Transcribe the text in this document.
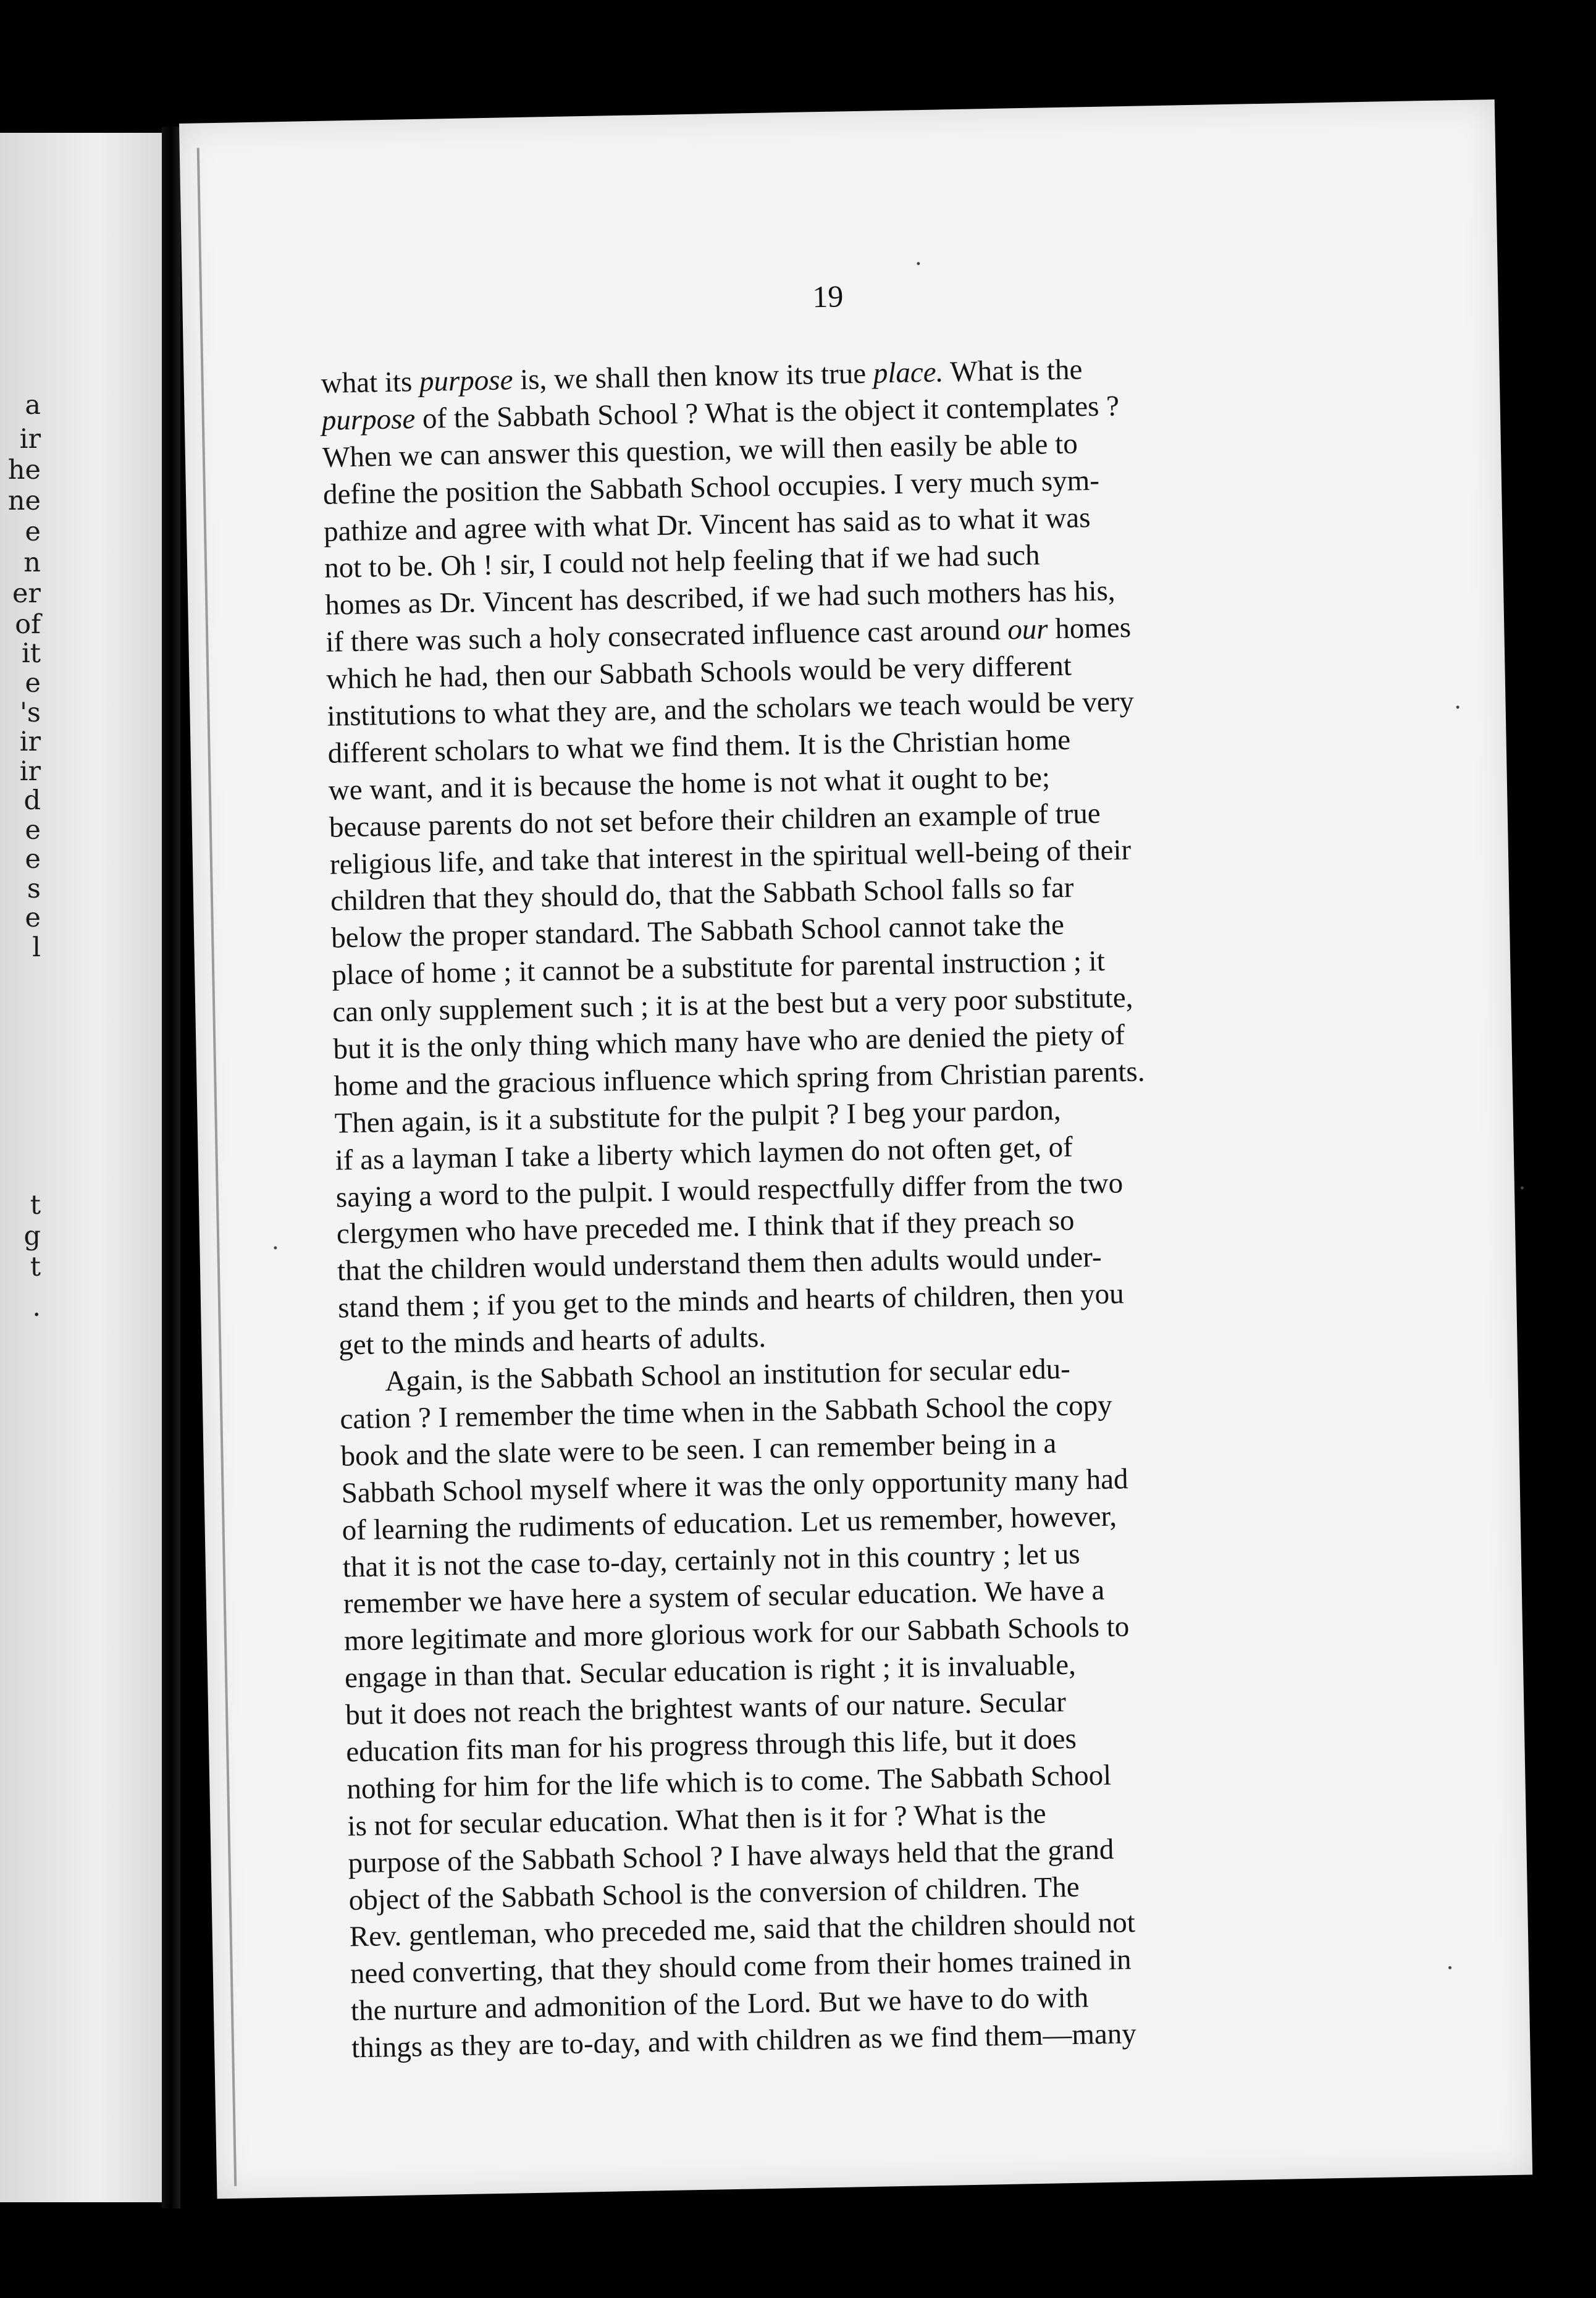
a
ir
he
ne
e
n
er
of
it
e
's
ir
ir
d
e
e
s
e
l
t
g
t
.
19
what its purpose is, we shall then know its true place. What is the
purpose of the Sabbath School ? What is the object it contemplates ?
When we can answer this question, we will then easily be able to
define the position the Sabbath School occupies. I very much sym-
pathize and agree with what Dr. Vincent has said as to what it was
not to be. Oh ! sir, I could not help feeling that if we had such
homes as Dr. Vincent has described, if we had such mothers has his,
if there was such a holy consecrated influence cast around our homes
which he had, then our Sabbath Schools would be very different
institutions to what they are, and the scholars we teach would be very
different scholars to what we find them. It is the Christian home
we want, and it is because the home is not what it ought to be;
because parents do not set before their children an example of true
religious life, and take that interest in the spiritual well-being of their
children that they should do, that the Sabbath School falls so far
below the proper standard. The Sabbath School cannot take the
place of home ; it cannot be a substitute for parental instruction ; it
can only supplement such ; it is at the best but a very poor substitute,
but it is the only thing which many have who are denied the piety of
home and the gracious influence which spring from Christian parents.
Then again, is it a substitute for the pulpit ? I beg your pardon,
if as a layman I take a liberty which laymen do not often get, of
saying a word to the pulpit. I would respectfully differ from the two
clergymen who have preceded me. I think that if they preach so
that the children would understand them then adults would under-
stand them ; if you get to the minds and hearts of children, then you
get to the minds and hearts of adults.
Again, is the Sabbath School an institution for secular edu-
cation ? I remember the time when in the Sabbath School the copy
book and the slate were to be seen. I can remember being in a
Sabbath School myself where it was the only opportunity many had
of learning the rudiments of education. Let us remember, however,
that it is not the case to-day, certainly not in this country ; let us
remember we have here a system of secular education. We have a
more legitimate and more glorious work for our Sabbath Schools to
engage in than that. Secular education is right ; it is invaluable,
but it does not reach the brightest wants of our nature. Secular
education fits man for his progress through this life, but it does
nothing for him for the life which is to come. The Sabbath School
is not for secular education. What then is it for ? What is the
purpose of the Sabbath School ? I have always held that the grand
object of the Sabbath School is the conversion of children. The
Rev. gentleman, who preceded me, said that the children should not
need converting, that they should come from their homes trained in
the nurture and admonition of the Lord. But we have to do with
things as they are to-day, and with children as we find them—many
